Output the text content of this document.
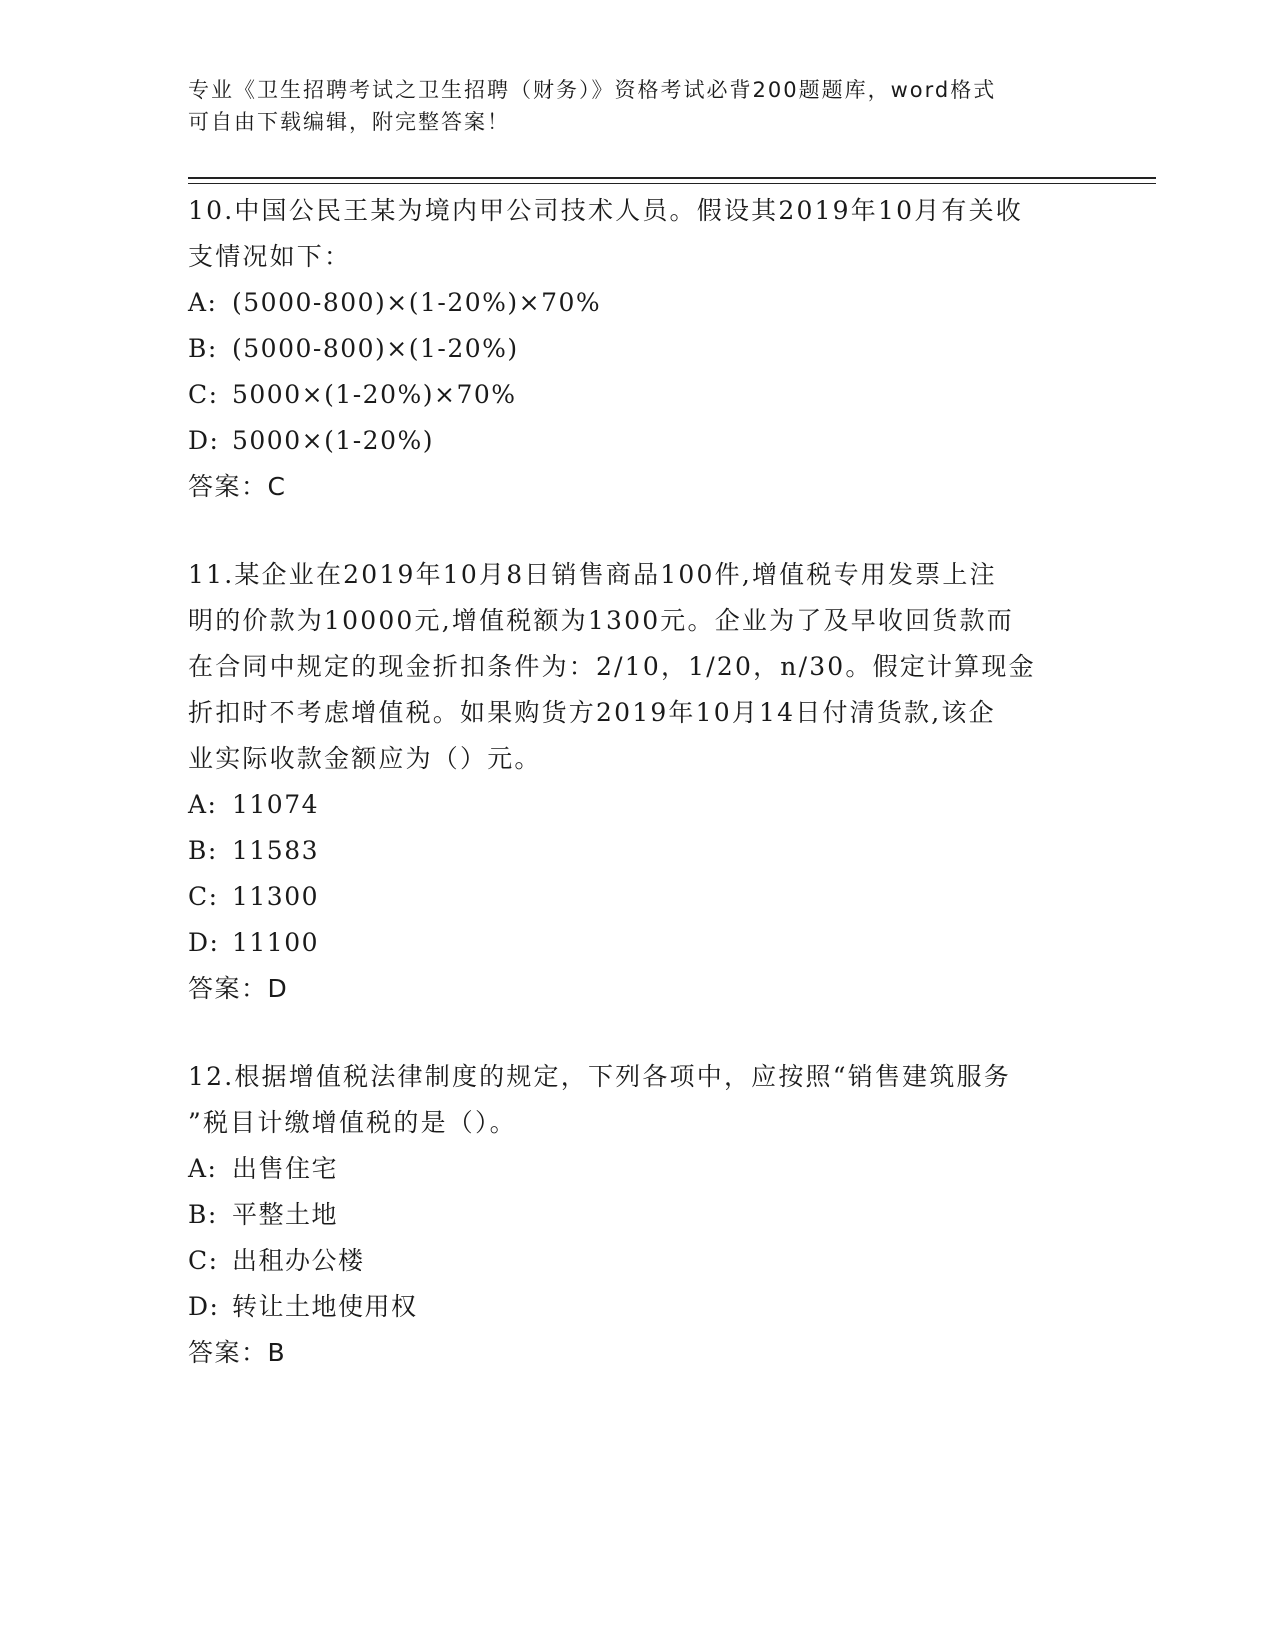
专业《卫生招聘考试之卫生招聘（财务）》资格考试必背200题题库，word格式
可自由下载编辑，附完整答案！
10.中国公民王某为境内甲公司技术人员。假设其2019年10月有关收
支情况如下：
A: (5000-800)×(1-20%)×70%
B: (5000-800)×(1-20%)
C: 5000×(1-20%)×70%
D: 5000×(1-20%)
答案：C
11.某企业在2019年10月8日销售商品100件,增值税专用发票上注
明的价款为10000元,增值税额为1300元。企业为了及早收回货款而
在合同中规定的现金折扣条件为：2/10，1/20，n/30。假定计算现金
折扣时不考虑增值税。如果购货方2019年10月14日付清货款,该企
业实际收款金额应为（）元。
A: 11074
B: 11583
C: 11300
D: 11100
答案：D
12.根据增值税法律制度的规定，下列各项中，应按照“销售建筑服务
”税目计缴增值税的是（）。
A: 出售住宅
B: 平整土地
C: 出租办公楼
D: 转让土地使用权
答案：B
